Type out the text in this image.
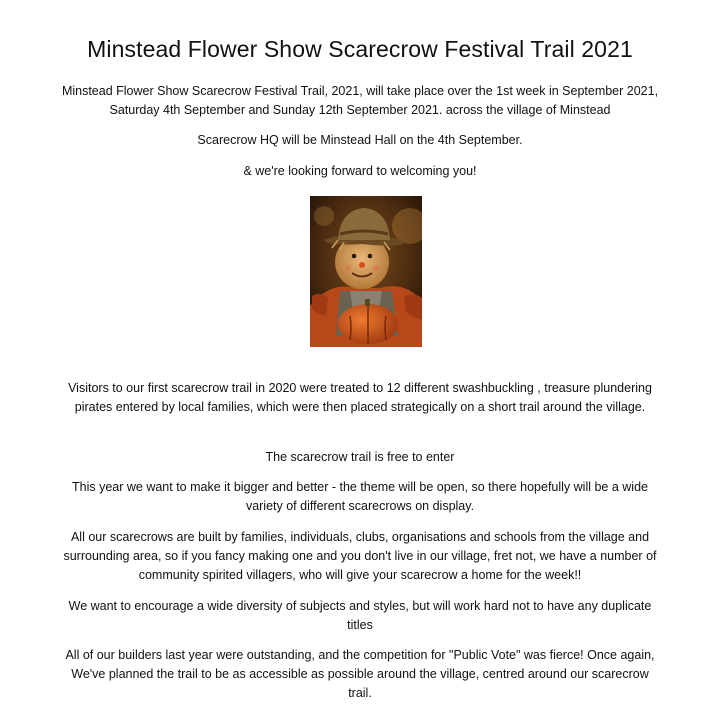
Minstead Flower Show Scarecrow Festival Trail 2021

Minstead Flower Show Scarecrow Festival Trail, 2021, will take place over the 1st week in September 2021, Saturday 4th September and Sunday 12th September 2021. across the village of Minstead

Scarecrow HQ will be Minstead Hall on the 4th September.

& we're looking forward to welcoming you!

Visitors to our first scarecrow trail in 2020 were treated to 12 different swashbuckling , treasure plundering pirates entered by local families, which were then placed strategically on a short trail around the village.

The scarecrow trail is free to enter

This year we want to make it bigger and better - the theme will be open, so there hopefully will be a wide variety of different scarecrows on display.

All our scarecrows are built by families, individuals, clubs, organisations and schools from the village and surrounding area, so if you fancy making one and you don't live in our village, fret not, we have a number of community spirited villagers, who will give your scarecrow a home for the week!!

We want to encourage a wide diversity of subjects and styles, but will work hard not to have any duplicate titles

All of our builders last year were outstanding, and the competition for "Public Vote" was fierce! Once again, We've planned the trail to be as accessible as possible around the village, centred around our scarecrow trail.
